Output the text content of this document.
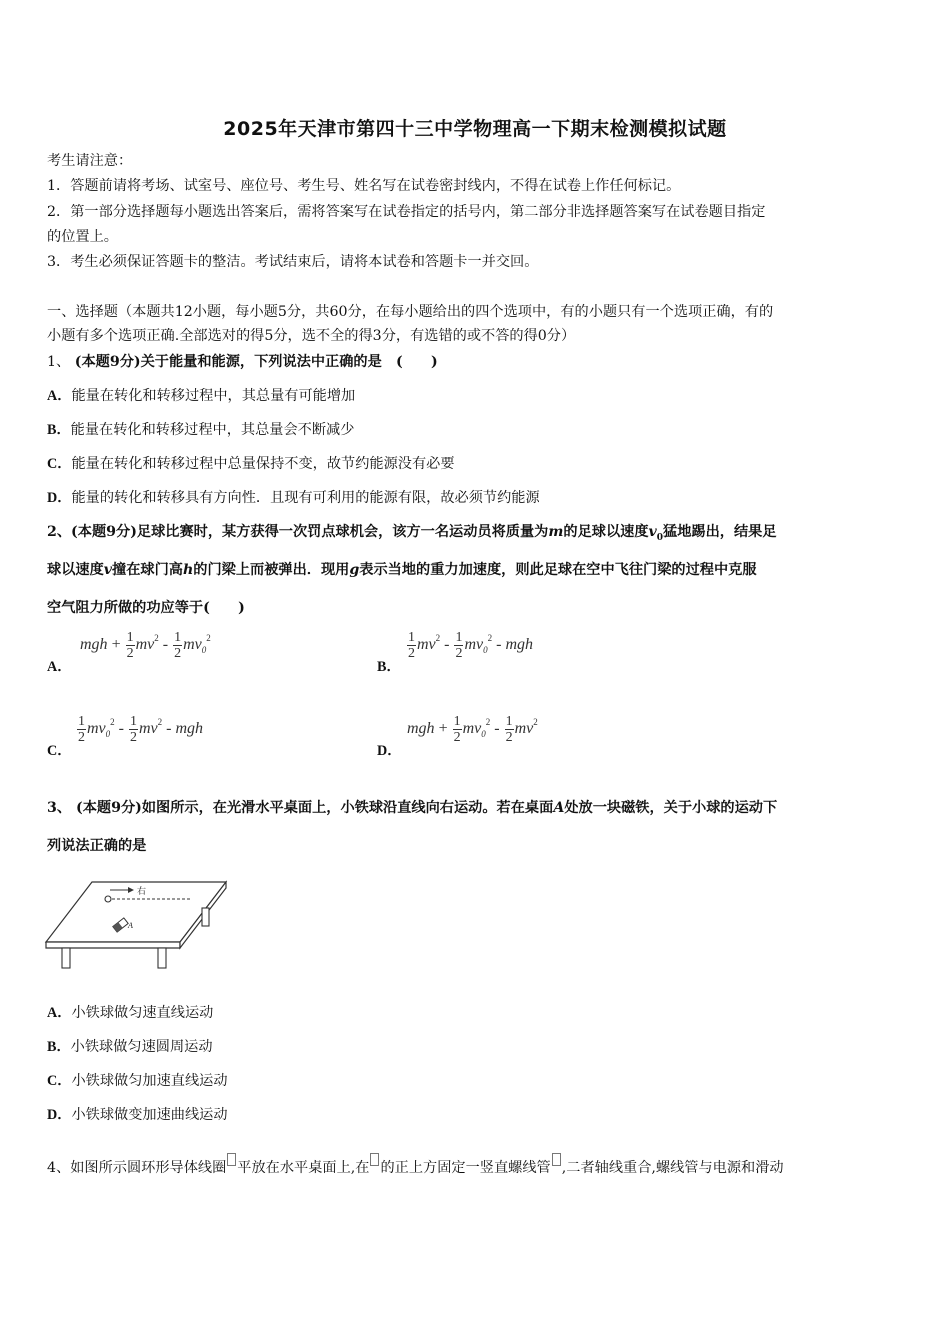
2025年天津市第四十三中学物理高一下期末检测模拟试题
考生请注意：
1．答题前请将考场、试室号、座位号、考生号、姓名写在试卷密封线内，不得在试卷上作任何标记。
2．第一部分选择题每小题选出答案后，需将答案写在试卷指定的括号内，第二部分非选择题答案写在试卷题目指定
的位置上。
3．考生必须保证答题卡的整洁。考试结束后，请将本试卷和答题卡一并交回。
一、选择题（本题共12小题，每小题5分，共60分，在每小题给出的四个选项中，有的小题只有一个选项正确，有的
小题有多个选项正确.全部选对的得5分，选不全的得3分，有选错的或不答的得0分）
1、 (本题9分)关于能量和能源，下列说法中正确的是　(　　)
A．能量在转化和转移过程中，其总量有可能增加
B．能量在转化和转移过程中，其总量会不断减少
C．能量在转化和转移过程中总量保持不变，故节约能源没有必要
D．能量的转化和转移具有方向性．且现有可利用的能源有限，故必须节约能源
2、(本题9分)足球比赛时，某方获得一次罚点球机会，该方一名运动员将质量为m的足球以速度$v_0$猛地踢出，结果足
球以速度v撞在球门高h的门梁上而被弹出．现用g表示当地的重力加速度，则此足球在空中飞往门梁的过程中克服
空气阻力所做的功应等于(　　)
A．
mgh + $\frac{1}{2} mv^2 - \frac{1}{2} mv_0^2$
B．
$\frac{1}{2} mv^2 - \frac{1}{2} mv_0^2$ - mgh
C．
$\frac{1}{2} mv_0^2 - \frac{1}{2} mv^2$ - mgh
D．
mgh + $\frac{1}{2} mv_0^2 - \frac{1}{2} mv^2$
3、 (本题9分)如图所示，在光滑水平桌面上，小铁球沿直线向右运动。若在桌面A处放一块磁铁，关于小球的运动下
列说法正确的是
右
A
A．小铁球做匀速直线运动
B．小铁球做匀速圆周运动
C．小铁球做匀加速直线运动
D．小铁球做变加速曲线运动
4、如图所示圆环形导体线圈 平放在水平桌面上,在 的正上方固定一竖直螺线管 ,二者轴线重合,螺线管与电源和滑动
